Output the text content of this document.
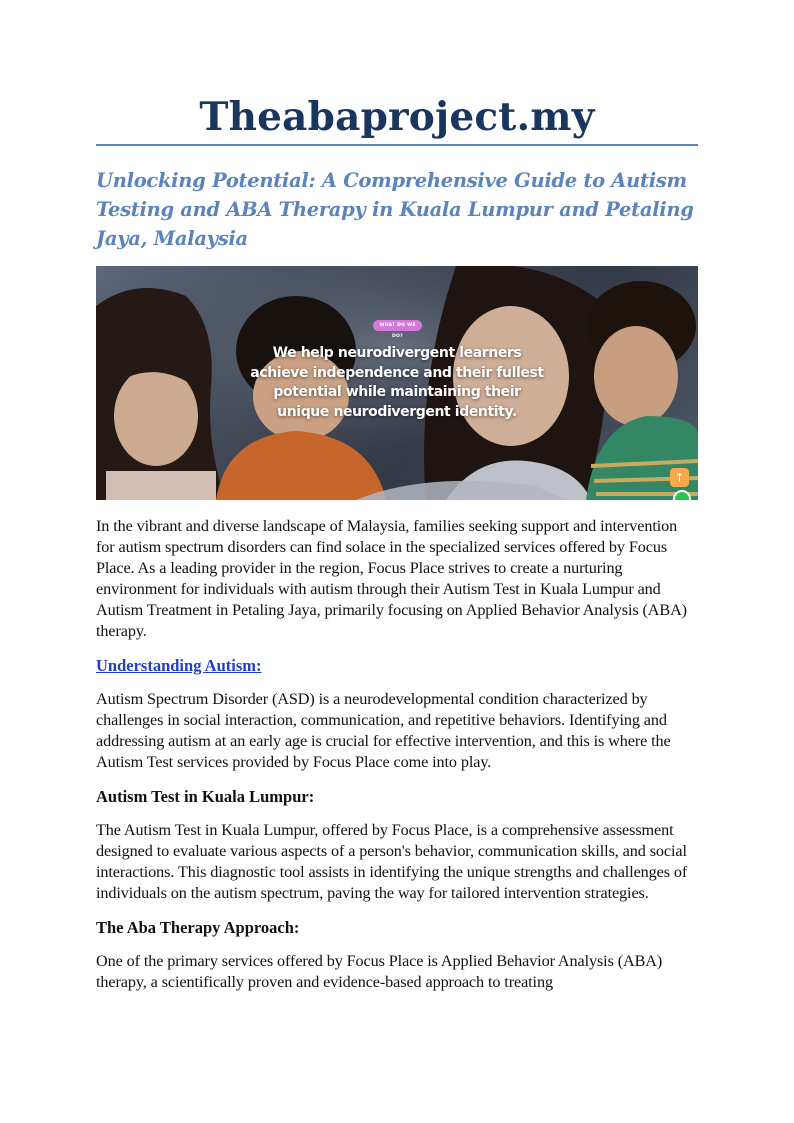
Theabaproject.my
Unlocking Potential: A Comprehensive Guide to Autism Testing and ABA Therapy in Kuala Lumpur and Petaling Jaya, Malaysia
WHAT DO WE DO?
We help neurodivergent learners
achieve independence and their fullest
potential while maintaining their
unique neurodivergent identity.
↑

In the vibrant and diverse landscape of Malaysia, families seeking support and intervention for autism spectrum disorders can find solace in the specialized services offered by Focus Place. As a leading provider in the region, Focus Place strives to create a nurturing environment for individuals with autism through their Autism Test in Kuala Lumpur and Autism Treatment in Petaling Jaya, primarily focusing on Applied Behavior Analysis (ABA) therapy.

Understanding Autism:

Autism Spectrum Disorder (ASD) is a neurodevelopmental condition characterized by challenges in social interaction, communication, and repetitive behaviors. Identifying and addressing autism at an early age is crucial for effective intervention, and this is where the Autism Test services provided by Focus Place come into play.

Autism Test in Kuala Lumpur:

The Autism Test in Kuala Lumpur, offered by Focus Place, is a comprehensive assessment designed to evaluate various aspects of a person's behavior, communication skills, and social interactions. This diagnostic tool assists in identifying the unique strengths and challenges of individuals on the autism spectrum, paving the way for tailored intervention strategies.

The Aba Therapy Approach:

One of the primary services offered by Focus Place is Applied Behavior Analysis (ABA) therapy, a scientifically proven and evidence-based approach to treating
